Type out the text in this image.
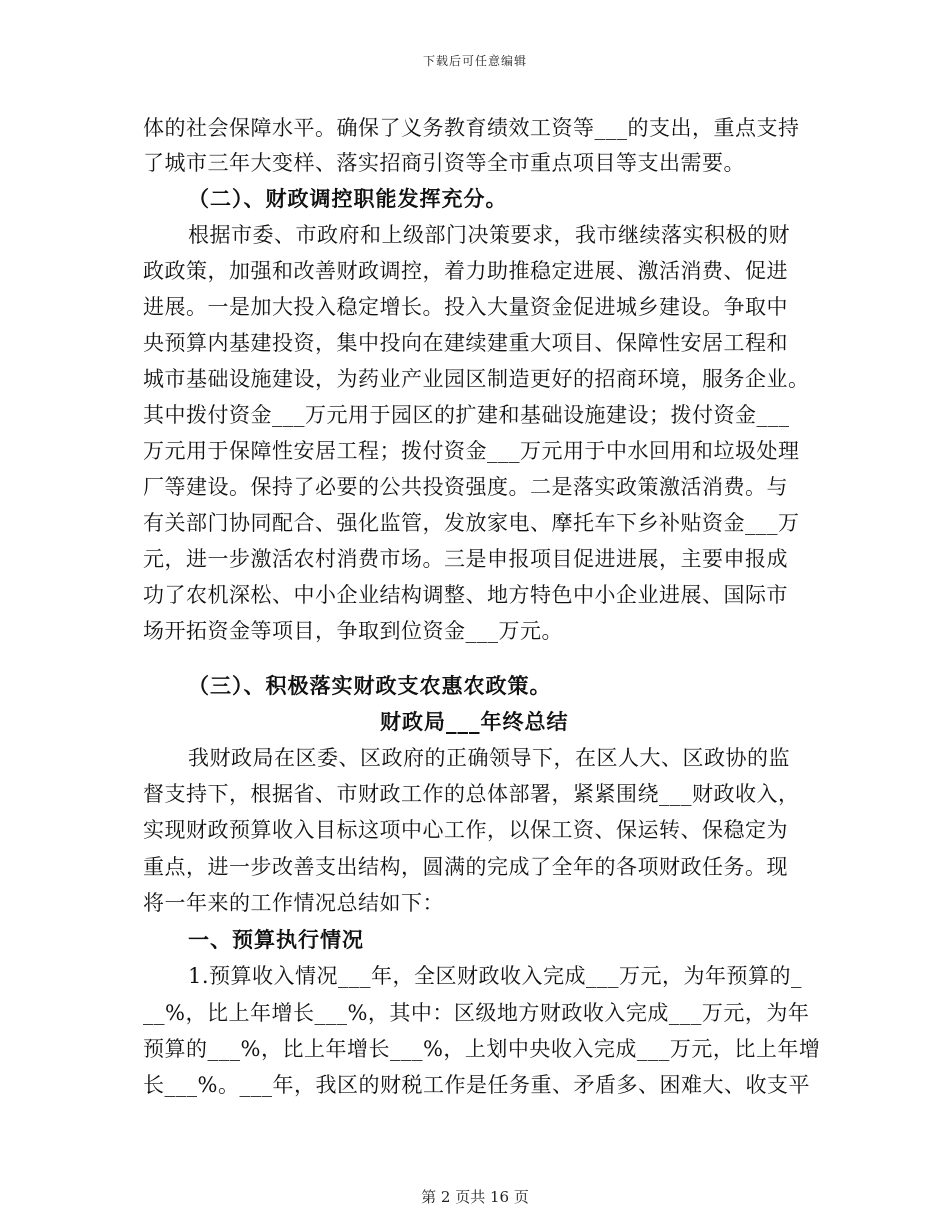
下载后可任意编辑
体的社会保障水平。确保了义务教育绩效工资等___的支出，重点支持
了城市三年大变样、落实招商引资等全市重点项目等支出需要。
（二）、财政调控职能发挥充分。
根据市委、市政府和上级部门决策要求，我市继续落实积极的财
政政策，加强和改善财政调控，着力助推稳定进展、激活消费、促进
进展。一是加大投入稳定增长。投入大量资金促进城乡建设。争取中
央预算内基建投资，集中投向在建续建重大项目、保障性安居工程和
城市基础设施建设，为药业产业园区制造更好的招商环境，服务企业。
其中拨付资金___万元用于园区的扩建和基础设施建设；拨付资金___
万元用于保障性安居工程；拨付资金___万元用于中水回用和垃圾处理
厂等建设。保持了必要的公共投资强度。二是落实政策激活消费。与
有关部门协同配合、强化监管，发放家电、摩托车下乡补贴资金___万
元，进一步激活农村消费市场。三是申报项目促进进展，主要申报成
功了农机深松、中小企业结构调整、地方特色中小企业进展、国际市
场开拓资金等项目，争取到位资金___万元。
（三）、积极落实财政支农惠农政策。
财政局___年终总结
我财政局在区委、区政府的正确领导下，在区人大、区政协的监
督支持下，根据省、市财政工作的总体部署，紧紧围绕___财政收入，
实现财政预算收入目标这项中心工作，以保工资、保运转、保稳定为
重点，进一步改善支出结构，圆满的完成了全年的各项财政任务。现
将一年来的工作情况总结如下：
一、预算执行情况
1.预算收入情况___年，全区财政收入完成___万元，为年预算的_
__%，比上年增长___%，其中：区级地方财政收入完成___万元，为年
预算的___%，比上年增长___%，上划中央收入完成___万元，比上年增
长___%。___年，我区的财税工作是任务重、矛盾多、困难大、收支平
第 2 页共 16 页
